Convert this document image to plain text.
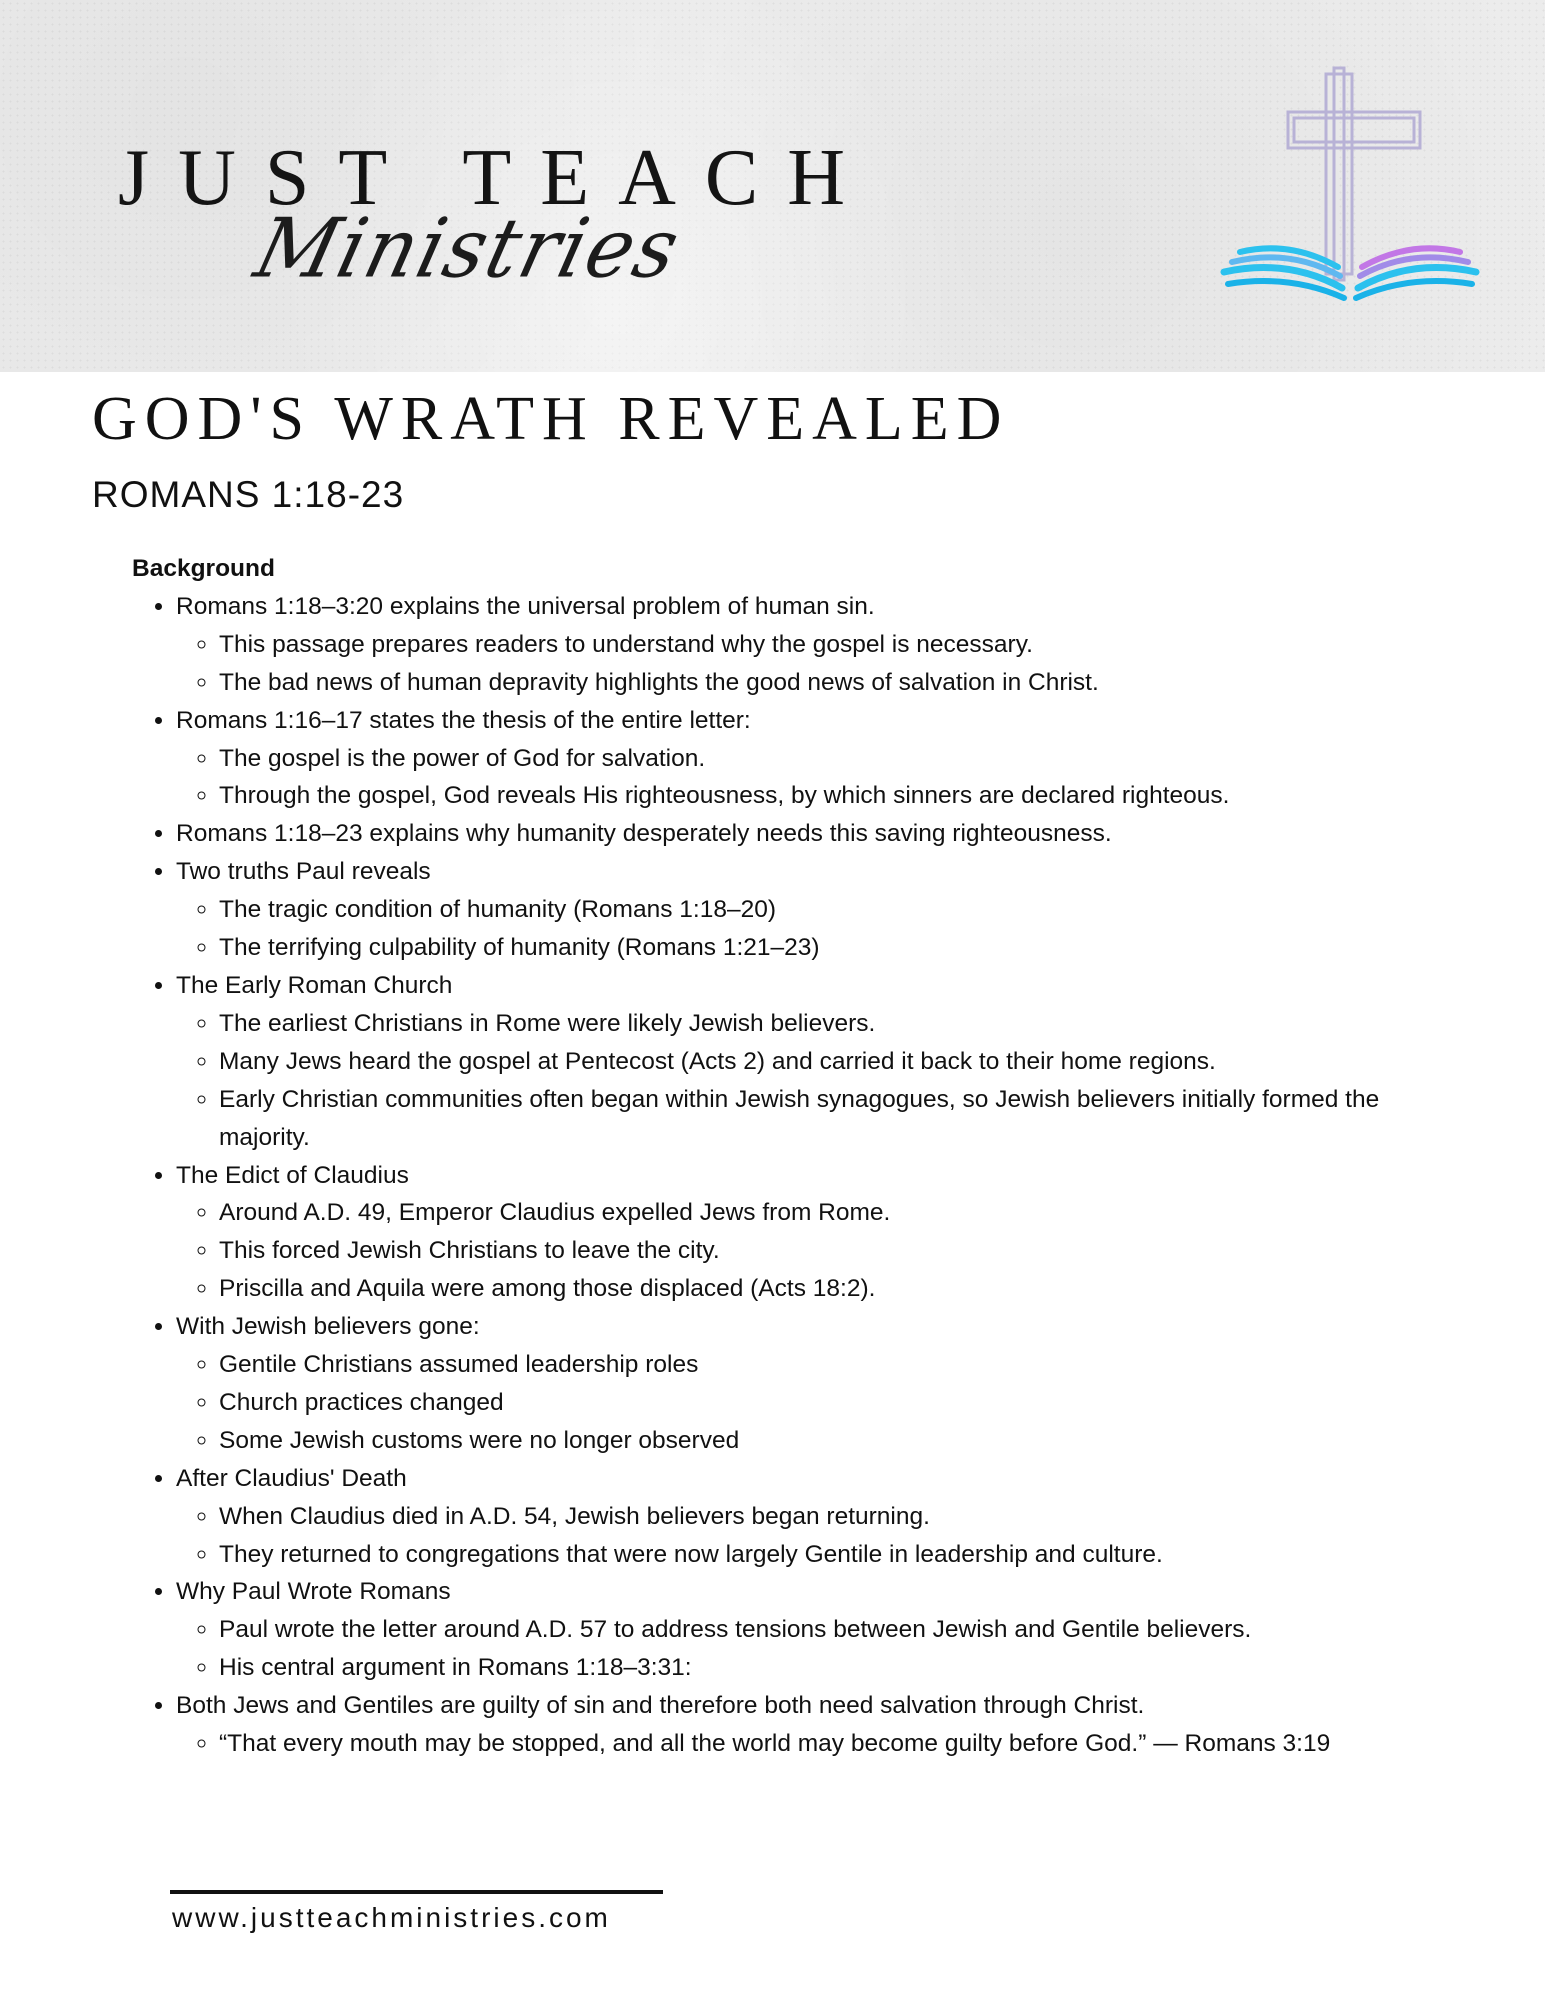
JUST TEACH
Ministries
GOD'S WRATH REVEALED
ROMANS 1:18-23

Background

• Romans 1:18–3:20 explains the universal problem of human sin.
◦ This passage prepares readers to understand why the gospel is necessary.
◦ The bad news of human depravity highlights the good news of salvation in Christ.
• Romans 1:16–17 states the thesis of the entire letter:
◦ The gospel is the power of God for salvation.
◦ Through the gospel, God reveals His righteousness, by which sinners are declared righteous.
• Romans 1:18–23 explains why humanity desperately needs this saving righteousness.
• Two truths Paul reveals
◦ The tragic condition of humanity (Romans 1:18–20)
◦ The terrifying culpability of humanity (Romans 1:21–23)
• The Early Roman Church
◦ The earliest Christians in Rome were likely Jewish believers.
◦ Many Jews heard the gospel at Pentecost (Acts 2) and carried it back to their home regions.
◦ Early Christian communities often began within Jewish synagogues, so Jewish believers initially formed the majority.
• The Edict of Claudius
◦ Around A.D. 49, Emperor Claudius expelled Jews from Rome.
◦ This forced Jewish Christians to leave the city.
◦ Priscilla and Aquila were among those displaced (Acts 18:2).
• With Jewish believers gone:
◦ Gentile Christians assumed leadership roles
◦ Church practices changed
◦ Some Jewish customs were no longer observed
• After Claudius' Death
◦ When Claudius died in A.D. 54, Jewish believers began returning.
◦ They returned to congregations that were now largely Gentile in leadership and culture.
• Why Paul Wrote Romans
◦ Paul wrote the letter around A.D. 57 to address tensions between Jewish and Gentile believers.
◦ His central argument in Romans 1:18–3:31:
• Both Jews and Gentiles are guilty of sin and therefore both need salvation through Christ.
◦ “That every mouth may be stopped, and all the world may become guilty before God.” — Romans 3:19
www.justteachministries.com
